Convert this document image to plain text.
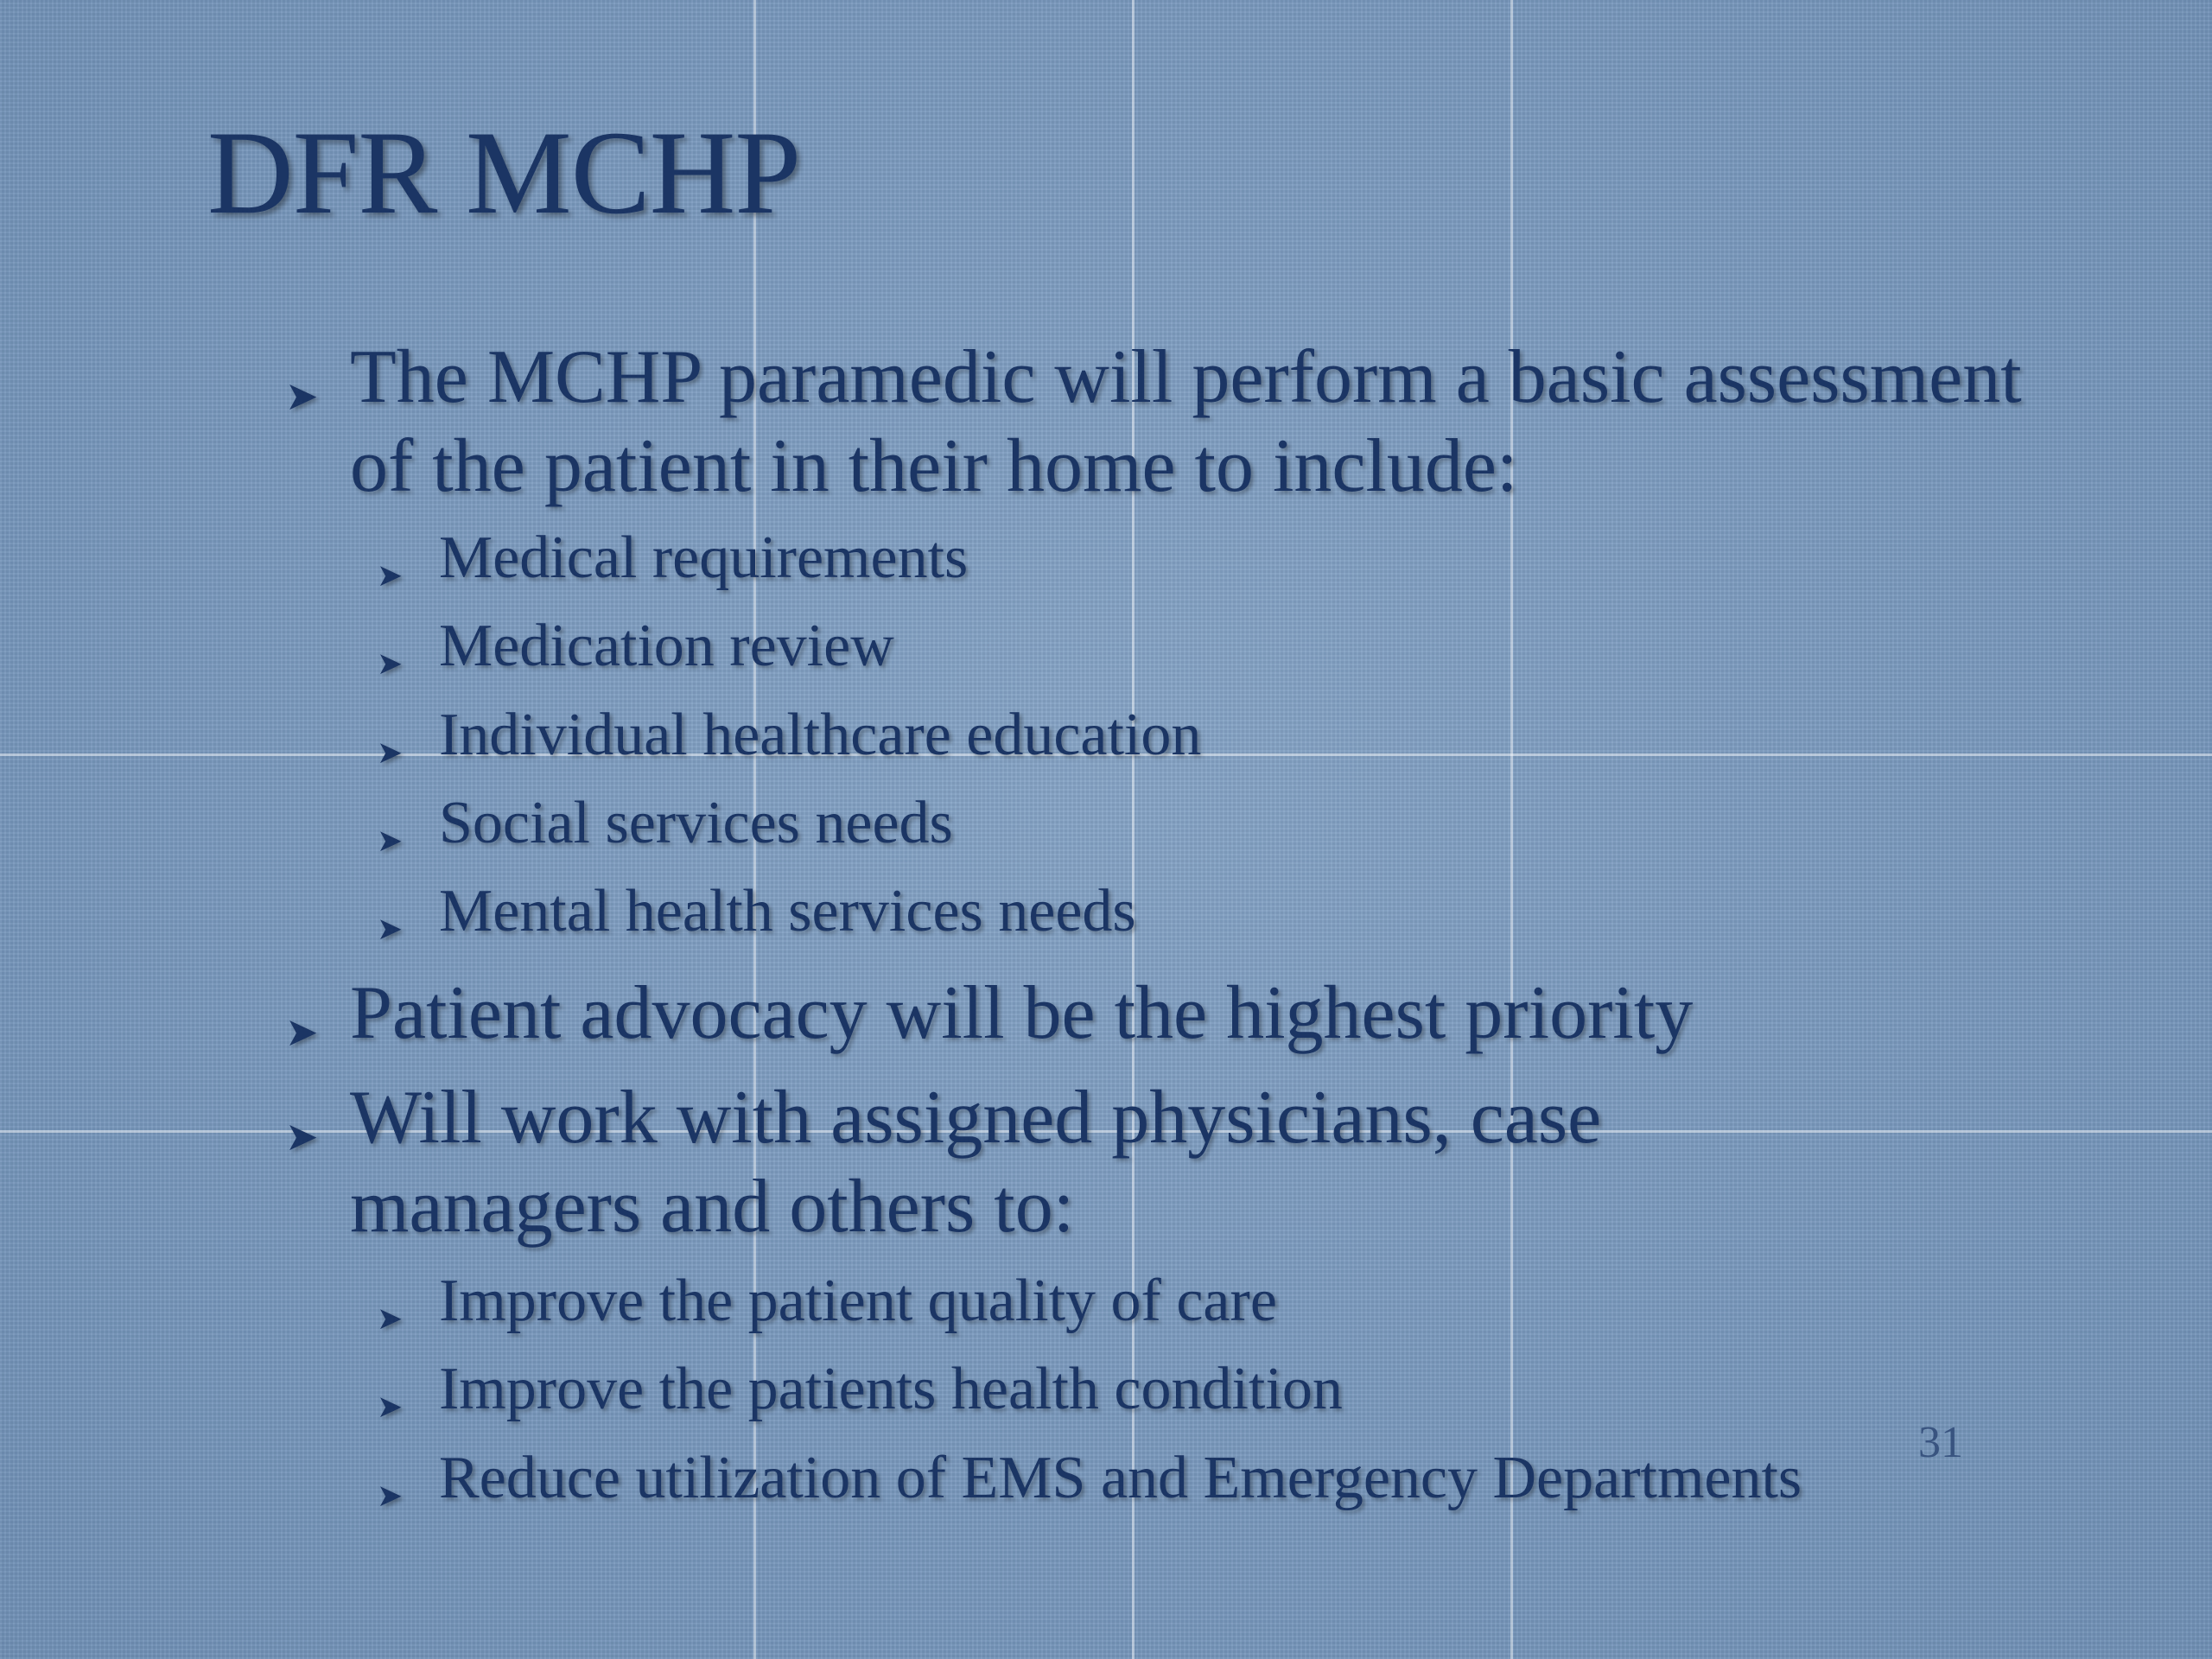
DFR MCHP
➤ The MCHP paramedic will perform a basic assessment of the patient in their home to include:
➤ Medical requirements
➤ Medication review
➤ Individual healthcare education
➤ Social services needs
➤ Mental health services needs
➤ Patient advocacy will be the highest priority
➤ Will work with assigned physicians, case managers and others to:
➤ Improve the patient quality of care
➤ Improve the patients health condition
➤ Reduce utilization of EMS and Emergency Departments
31
